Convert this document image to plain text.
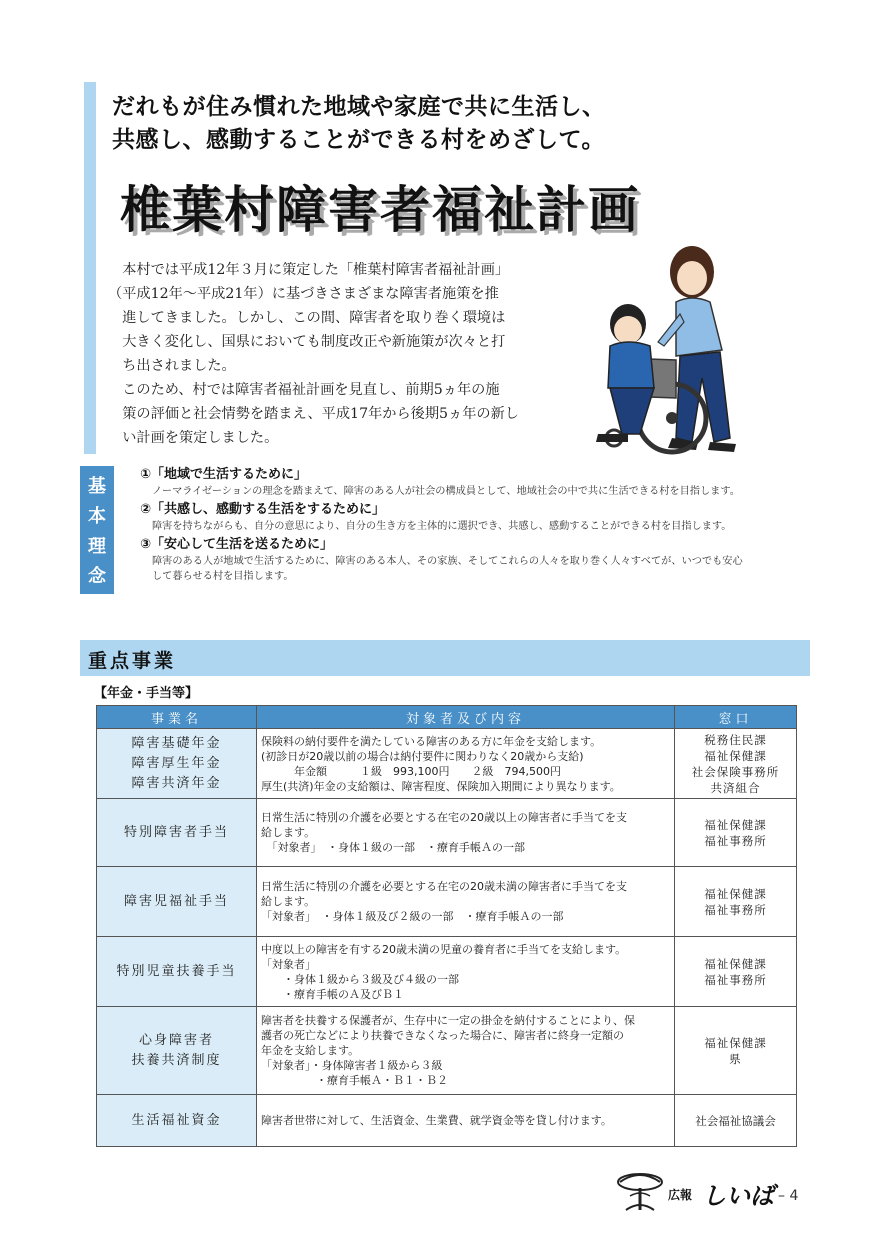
だれもが住み慣れた地域や家庭で共に生活し、
共感し、感動することができる村をめざして。
椎葉村障害者福祉計画

本村では平成12年３月に策定した「椎葉村障害者福祉計画」
（平成12年〜平成21年）に基づきさまざまな障害者施策を推
進してきました。しかし、この間、障害者を取り巻く環境は
大きく変化し、国県においても制度改正や新施策が次々と打
ち出されました。

このため、村では障害者福祉計画を見直し、前期5ヵ年の施
策の評価と社会情勢を踏まえ、平成17年から後期5ヵ年の新し
い計画を策定しました。

基
本
理
念
①「地域で生活するために」
ノーマライゼーションの理念を踏まえて、障害のある人が社会の構成員として、地域社会の中で共に生活できる村を目指します。
②「共感し、感動する生活をするために」
障害を持ちながらも、自分の意思により、自分の生き方を主体的に選択でき、共感し、感動することができる村を目指します。
③「安心して生活を送るために」
障害のある人が地域で生活するために、障害のある本人、その家族、そしてこれらの人々を取り巻く人々すべてが、いつでも安心
して暮らせる村を目指します。
重点事業
【年金・手当等】
事業名	対象者及び内容	窓口

障害基礎年金
障害厚生年金
障害共済年金	保険料の納付要件を満たしている障害のある方に年金を支給します。
(初診日が20歳以前の場合は納付要件に関わりなく20歳から支給)
　　　年金額　　　１級　993,100円　　２級　794,500円
厚生(共済)年金の支給額は、障害程度、保険加入期間により異なります。	税務住民課
福祉保健課
社会保険事務所
共済組合

特別障害者手当	日常生活に特別の介護を必要とする在宅の20歳以上の障害者に手当てを支
給します。
　「対象者」　・身体１級の一部　・療育手帳Ａの一部	福祉保健課
福祉事務所

障害児福祉手当	日常生活に特別の介護を必要とする在宅の20歳未満の障害者に手当てを支
給します。
「対象者」　・身体１級及び２級の一部　・療育手帳Ａの一部	福祉保健課
福祉事務所

特別児童扶養手当	中度以上の障害を有する20歳未満の児童の養育者に手当てを支給します。
「対象者」
　　・身体１級から３級及び４級の一部
　　・療育手帳のＡ及びＢ１	福祉保健課
福祉事務所

心身障害者
扶養共済制度	障害者を扶養する保護者が、生存中に一定の掛金を納付することにより、保
護者の死亡などにより扶養できなくなった場合に、障害者に終身一定額の
年金を支給します。
「対象者」・身体障害者１級から３級
　　　　　・療育手帳Ａ・Ｂ１・Ｂ２	福祉保健課
県

生活福祉資金	障害者世帯に対して、生活資金、生業費、就学資金等を貸し付けます。	社会福祉協議会
広報 しいば – 4
